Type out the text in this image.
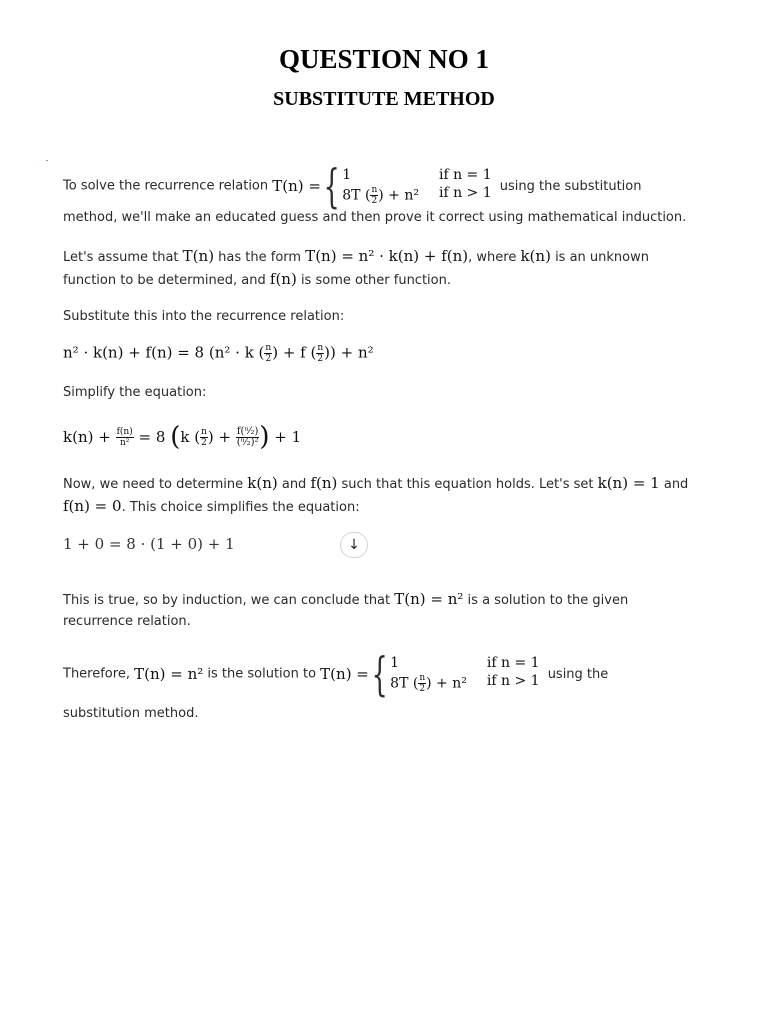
QUESTION NO 1
SUBSTITUTE METHOD
To solve the recurrence relation T(n) = { 1	if n = 1
8T ( $\frac{n}{2}$ ) + n² if n > 1 using the substitution
method, we'll make an educated guess and then prove it correct using mathematical induction.
Let's assume that T(n) has the form T(n) = n² · k(n) + f(n), where k(n) is an unknown
function to be determined, and f(n) is some other function.
Substitute this into the recurrence relation:
n² · k(n) + f(n) = 8 (n² · k ( $\frac{n}{2}$ ) + f ( $\frac{n}{2}$ )) + n²
Simplify the equation:
$k(n) + \frac{f(n)}{\text{n²}} = 8$ (k ( $\frac{n}{2}$ ) + $\frac{\text{f(ⁿ⁄₂)}}{\text{(ⁿ⁄₂)²}}$ ) + 1
Now, we need to determine k(n) and f(n) such that this equation holds. Let's set k(n) = 1 and
f(n) = 0. This choice simplifies the equation:
1 + 0 = 8 · (1 + 0) + 1	↓
This is true, so by induction, we can conclude that T(n) = n² is a solution to the given
recurrence relation.
Therefore, T(n) = n² is the solution to T(n) = { 1	if n = 1
8T ( $\frac{n}{2}$ ) + n² if n > 1 using the
substitution method.
